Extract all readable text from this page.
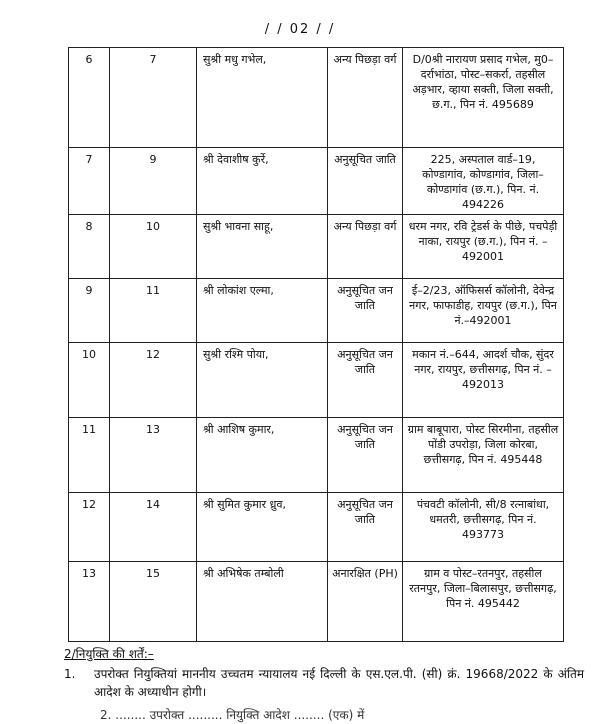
/ / 02 / /
6	7	सुश्री मधु गभेल,	अन्य पिछड़ा वर्ग	D/0श्री नारायण प्रसाद गभेल, मु0–दर्राभांठा, पोस्ट–सकर्रा, तहसील अड़भार, व्हाया सक्ती, जिला सक्ती, छ.ग., पिन नं. 495689
7	9	श्री देवाशीष कुर्रे,	अनुसूचित जाति	225, अस्पताल वार्ड–19, कोण्डागांव, कोण्डागांव, जिला–कोण्डागांव (छ.ग.), पिन. नं. 494226
8	10	सुश्री भावना साहू,	अन्य पिछड़ा वर्ग	धरम नगर, रवि ट्रेडर्स के पीछे, पचपेड़ी नाका, रायपुर (छ.ग.), पिन नं. –492001
9	11	श्री लोकांश एल्मा,	अनुसूचित जन जाति	ई–2/23, ऑफिसर्स कॉलोनी, देवेन्द्र नगर, फाफाडीह, रायपुर (छ.ग.), पिन नं.–492001
10	12	सुश्री रश्मि पोया,	अनुसूचित जन जाति	मकान नं.–644, आदर्श चौक, सुंदर नगर, रायपुर, छत्तीसगढ़, पिन नं. –492013
11	13	श्री आशिष कुमार,	अनुसूचित जन जाति	ग्राम बाबूपारा, पोस्ट सिरमीना, तहसील पोंडी उपरोड़ा, जिला कोरबा, छत्तीसगढ़, पिन नं. 495448
12	14	श्री सुमित कुमार ध्रुव,	अनुसूचित जन जाति	पंचवटी कॉलोनी, सी/8 रत्नाबांधा, धमतरी, छत्तीसगढ़, पिन नं. 493773
13	15	श्री अभिषेक तम्बोली	अनारक्षित (PH)	ग्राम व पोस्ट–रतनपुर, तहसील रतनपुर, जिला–बिलासपुर, छत्तीसगढ़, पिन नं. 495442
2/नियुक्ति की शर्तें:–
1.	उपरोक्त नियुक्तियां माननीय उच्चतम न्यायालय नई दिल्ली के एस.एल.पी. (सी) क्रं. 19668/2022 के अंतिम आदेश के अध्याधीन होगी।
2. ........ उपरोक्त ......... नियुक्ति आदेश ........ (एक) में
